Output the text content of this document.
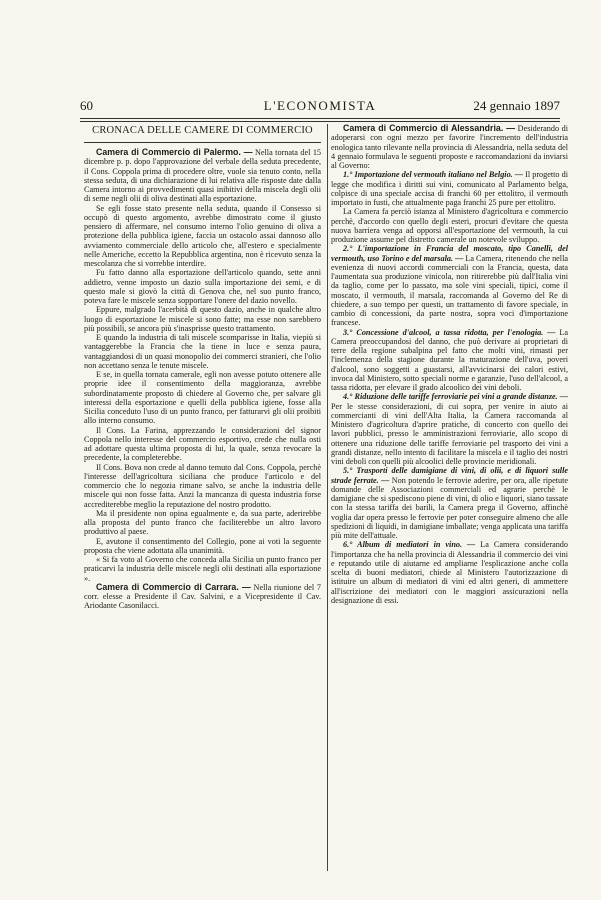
60	L'ECONOMISTA	24 gennaio 1897
CRONACA DELLE CAMERE DI COMMERCIO

Camera di Commercio di Palermo. — Nella tornata del 15 dicembre p. p. dopo l'approvazione del verbale della seduta precedente, il Cons. Coppola prima di procedere oltre, vuole sia tenuto conto, nella stessa seduta, di una dichiarazione di lui relativa alle risposte date dalla Camera intorno ai provvedimenti quasi inibitivi della miscela degli olii di seme negli olii di oliva destinati alla esportazione.

Se egli fosse stato presente nella seduta, quando il Consesso si occupò di questo argomento, avrebbe dimostrato come il giusto pensiero di affermare, nel consumo interno l'olio genuino di oliva a protezione della pubblica igiene, faccia un ostacolo assai dannoso allo avviamento commerciale dello articolo che, all'estero e specialmente nelle Americhe, eccetto la Repubblica argentina, non è ricevuto senza la mescolanza che si vorrebbe interdire.

Fu fatto danno alla esportazione dell'articolo quando, sette anni addietro, venne imposto un dazio sulla importazione dei semi, e di questo male si giovò la città di Genova che, nel suo punto franco, poteva fare le miscele senza sopportare l'onere del dazio novello.

Eppure, malgrado l'acerbità di questo dazio, anche in qualche altro luogo di esportazione le miscele si sono fatte; ma esse non sarebbero più possibili, se ancora più s'inasprisse questo trattamento.

E quando la industria di tali miscele scomparisse in Italia, viepiù si vantaggerebbe la Francia che la tiene in luce e senza paura, vantaggiandosi di un quasi monopolio dei commerci stranieri, che l'olio non accettano senza le tenute miscele.

E se, in quella tornata camerale, egli non avesse potuto ottenere alle proprie idee il consentimento della maggioranza, avrebbe subordinatamente proposto di chiedere al Governo che, per salvare gli interessi della esportazione e quelli della pubblica igiene, fosse alla Sicilia conceduto l'uso di un punto franco, per fatturarvi gli olii proibiti allo interno consumo.

Il Cons. La Farina, apprezzando le considerazioni del signor Coppola nello interesse del commercio esportivo, crede che nulla osti ad adottare questa ultima proposta di lui, la quale, senza revocare la precedente, la completerebbe.

Il Cons. Bova non crede al danno temuto dal Cons. Coppola, perchè l'interesse dell'agricoltura siciliana che produce l'articolo e del commercio che lo negozia rimane salvo, se anche la industria delle miscele qui non fosse fatta. Anzi la mancanza di questa industria forse accrediterebbe meglio la reputazione del nostro prodotto.

Ma il presidente non opina egualmente e, da sua parte, aderirebbe alla proposta del punto franco che faciliterebbe un altro lavoro produttivo al paese.

E, avutone il consentimento del Collegio, pone ai voti la seguente proposta che viene adottata alla unanimità.

« Si fa voto al Governo che conceda alla Sicilia un punto franco per praticarvi la industria delle miscele negli olii destinati alla esportazione ».

Camera di Commercio di Carrara. — Nella riunione del 7 corr. elesse a Presidente il Cav. Salvini, e a Vicepresidente il Cav. Ariodante Casonilacci.

Camera di Commercio di Alessandria. — Desiderando di adoperarsi con ogni mezzo per favorire l'incremento dell'industria enologica tanto rilevante nella provincia di Alessandria, nella seduta del 4 gennaio formulava le seguenti proposte e raccomandazioni da inviarsi al Governo:

1.° Importazione del vermouth italiano nel Belgio. — Il progetto di legge che modifica i diritti sui vini, comunicato al Parlamento belga, colpisce di una speciale accisa di franchi 60 per ettolitro, il vermouth importato in fusti, che attualmente paga franchi 25 pure per ettolitro.

La Camera fa perciò istanza al Ministero d'agricoltura e commercio perchè, d'accordo con quello degli esteri, procuri d'evitare che questa nuova barriera venga ad opporsi all'esportazione del vermouth, la cui produzione assume pel distretto camerale un notevole sviluppo.

2.° L'importazione in Francia del moscato, tipo Canelli, del vermouth, uso Torino e del marsala. — La Camera, ritenendo che nella evenienza di nuovi accordi commerciali con la Francia, questa, data l'aumentata sua produzione vinicola, non ritirerebbe più dall'Italia vini da taglio, come per lo passato, ma sole vini speciali, tipici, come il moscato, il vermouth, il marsala, raccomanda al Governo del Re di chiedere, a suo tempo per questi, un trattamento di favore speciale, in cambio di concessioni, da parte nostra, sopra voci d'importazione francese.

3.° Concessione d'alcool, a tassa ridotta, per l'enologia. — La Camera preoccupandosi del danno, che può derivare ai proprietari di terre della regione subalpina pel fatto che molti vini, rimasti per l'inclemenza della stagione durante la maturazione dell'uva, poveri d'alcool, sono soggetti a guastarsi, all'avvicinarsi dei calori estivi, invoca dal Ministero, sotto speciali norme e garanzie, l'uso dell'alcool, a tassa ridotta, per elevare il grado alcoolico dei vini deboli.

4.° Riduzione delle tariffe ferroviarie pei vini a grande distanze. — Per le stesse considerazioni, di cui sopra, per venire in aiuto ai commercianti di vini dell'Alta Italia, la Camera raccomanda al Ministero d'agricoltura d'aprire pratiche, di concerto con quello dei lavori pubblici, presso le amministrazioni ferroviarie, allo scopo di ottenere una riduzione delle tariffe ferroviarie pel trasporto dei vini a grandi distanze, nello intento di facilitare la miscela e il taglio dei nostri vini deboli con quelli più alcoolici delle provincie meridionali.

5.° Trasporti delle damigiane di vini, di olii, e di liquori sulle strade ferrate. — Non potendo le ferrovie aderire, per ora, alle ripetute domande delle Associazioni commerciali ed agrarie perchè le damigiane che si spediscono piene di vini, di olio e liquori, siano tassate con la stessa tariffa dei barili, la Camera prega il Governo, affinchè voglia dar opera presso le ferrovie per poter conseguire almeno che alle spedizioni di liquidi, in damigiane imballate; venga applicata una tariffa più mite dell'attuale.

6.° Album di mediatori in vino. — La Camera considerando l'importanza che ha nella provincia di Alessandria il commercio dei vini e reputando utile di aiutarne ed ampliarne l'esplicazione anche colla scelta di buoni mediatori, chiede al Ministero l'autorizzazione di istituire un album di mediatori di vini ed altri generi, di ammettere all'iscrizione dei mediatori con le maggiori assicurazioni nella designazione di essi.
